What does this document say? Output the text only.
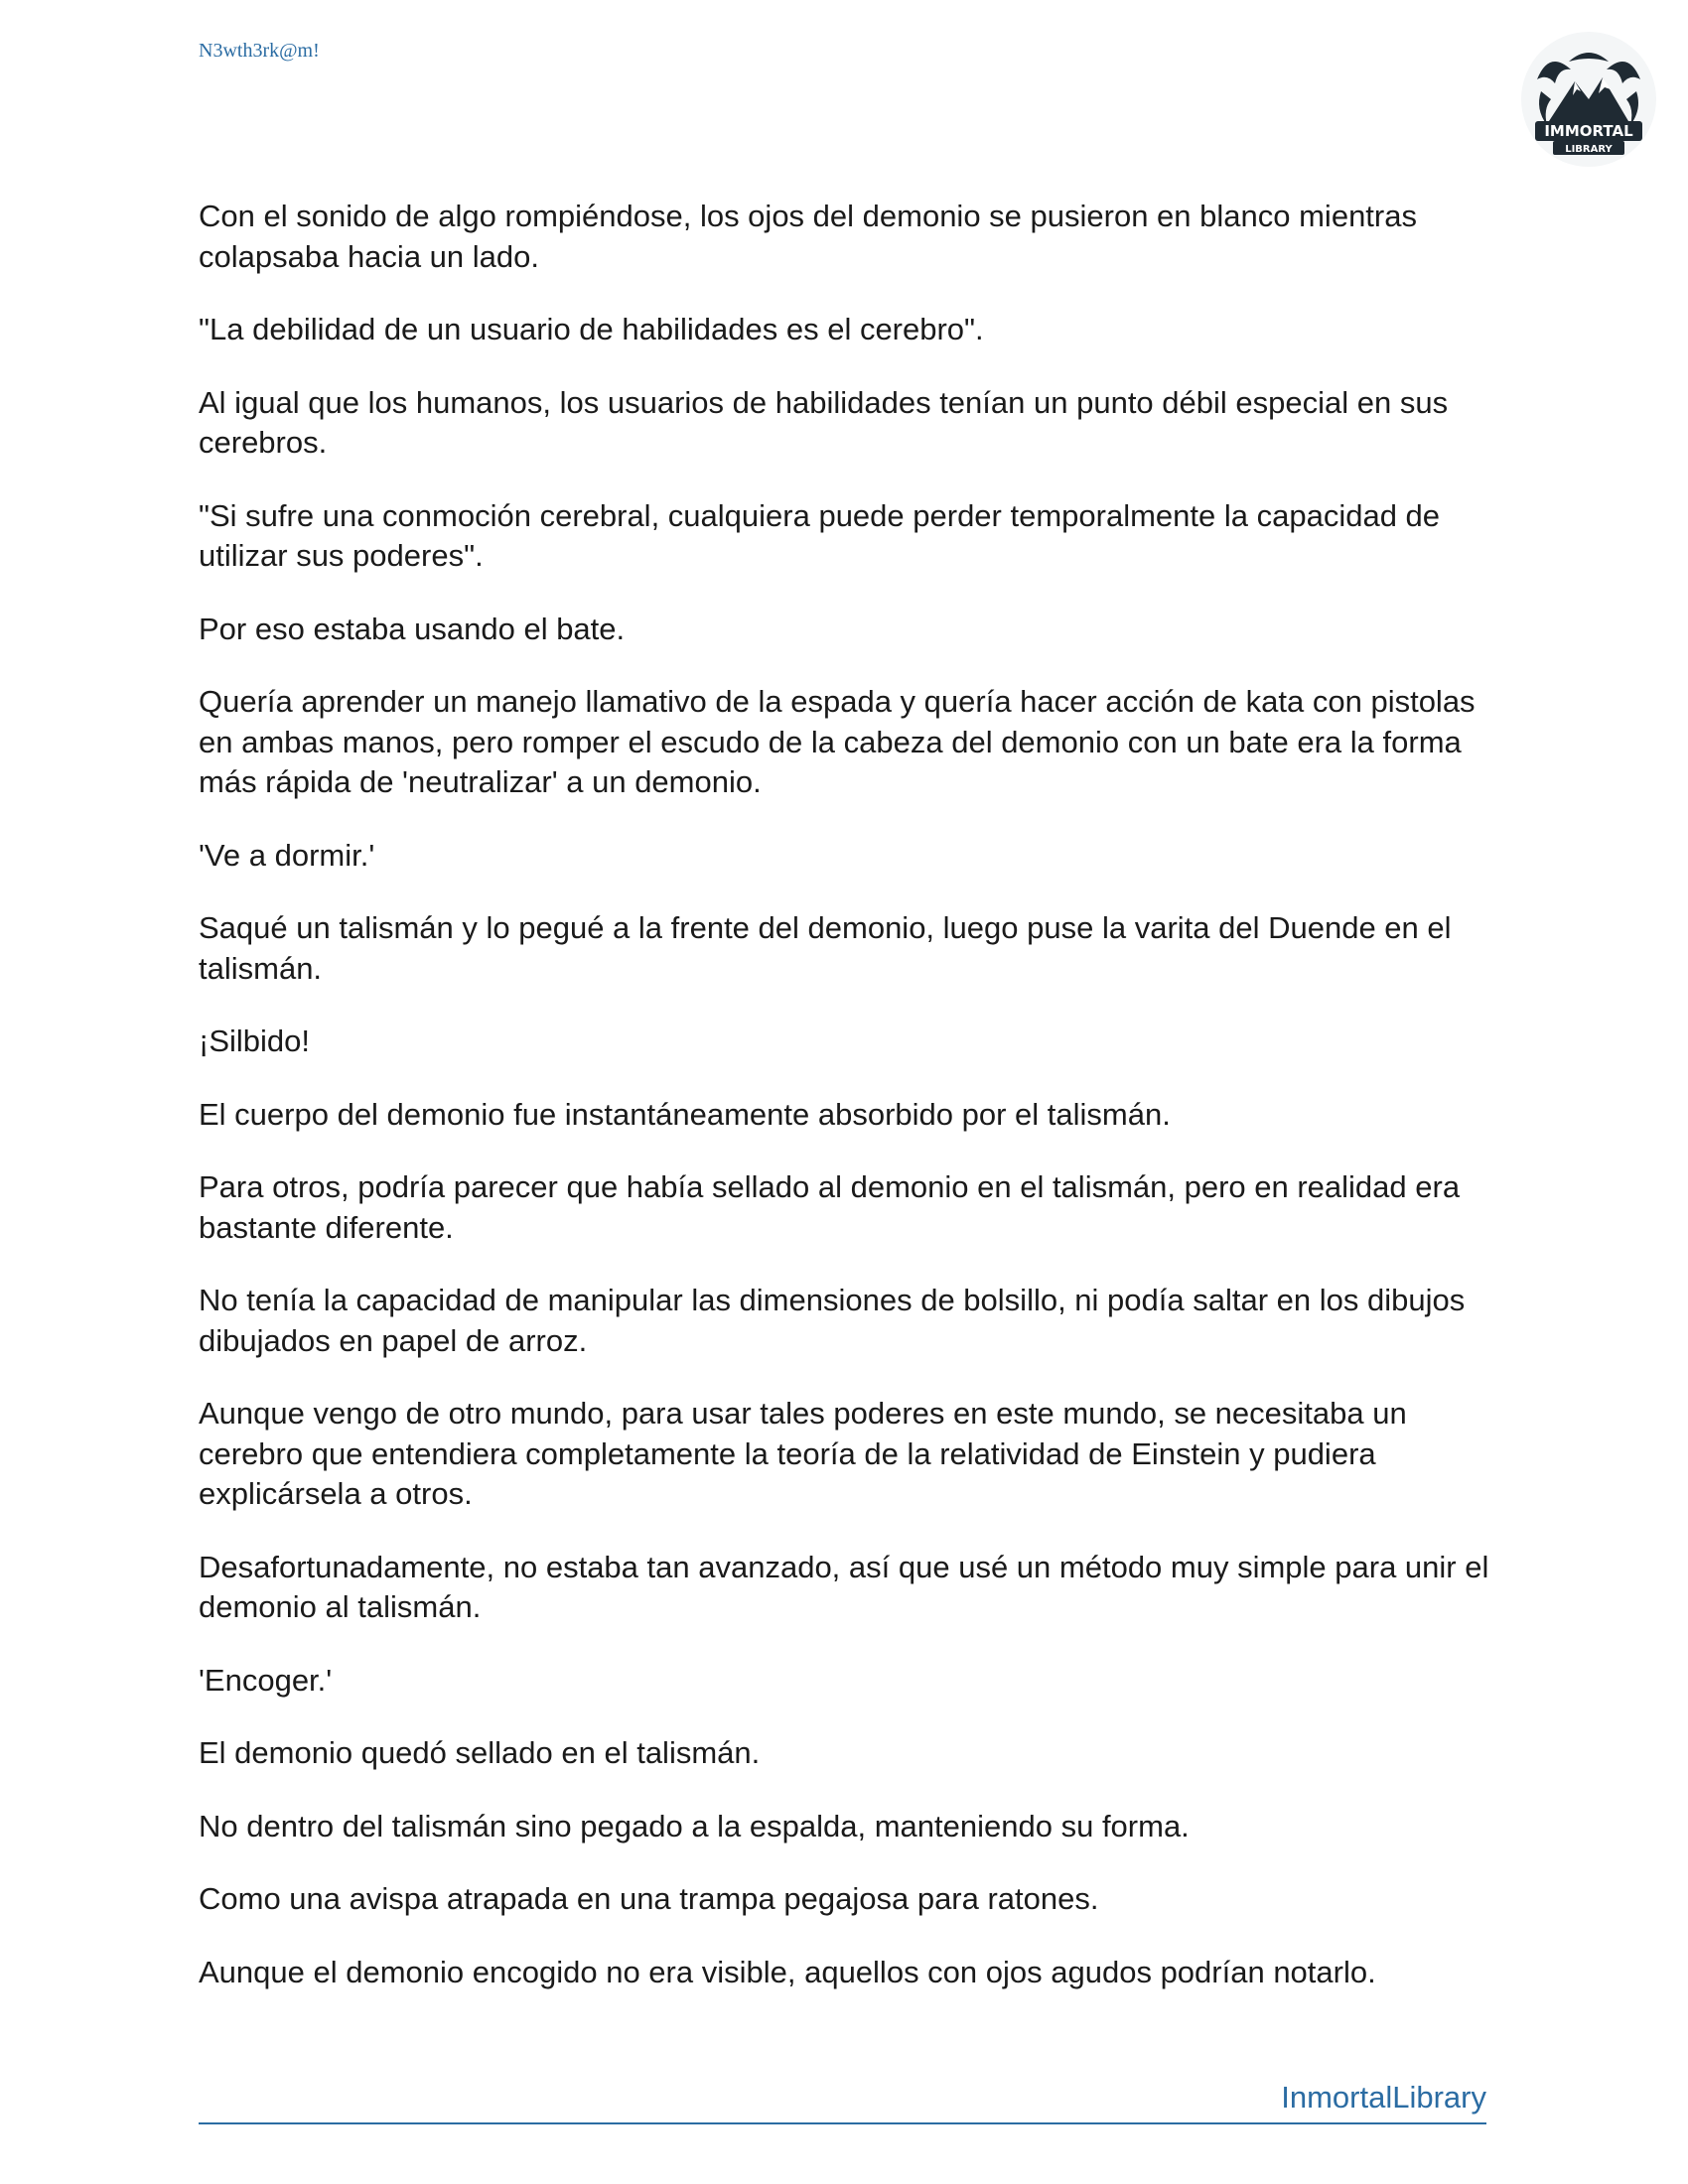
N3wth3rk@m!
IMMORTAL
LIBRARY

Con el sonido de algo rompiéndose, los ojos del demonio se pusieron en blanco mientras colapsaba hacia un lado.

"La debilidad de un usuario de habilidades es el cerebro".

Al igual que los humanos, los usuarios de habilidades tenían un punto débil especial en sus cerebros.

"Si sufre una conmoción cerebral, cualquiera puede perder temporalmente la capacidad de utilizar sus poderes".

Por eso estaba usando el bate.

Quería aprender un manejo llamativo de la espada y quería hacer acción de kata con pistolas en ambas manos, pero romper el escudo de la cabeza del demonio con un bate era la forma más rápida de 'neutralizar' a un demonio.

'Ve a dormir.'

Saqué un talismán y lo pegué a la frente del demonio, luego puse la varita del Duende en el talismán.

¡Silbido!

El cuerpo del demonio fue instantáneamente absorbido por el talismán.

Para otros, podría parecer que había sellado al demonio en el talismán, pero en realidad era bastante diferente.

No tenía la capacidad de manipular las dimensiones de bolsillo, ni podía saltar en los dibujos dibujados en papel de arroz.

Aunque vengo de otro mundo, para usar tales poderes en este mundo, se necesitaba un cerebro que entendiera completamente la teoría de la relatividad de Einstein y pudiera explicársela a otros.

Desafortunadamente, no estaba tan avanzado, así que usé un método muy simple para unir el demonio al talismán.

'Encoger.'

El demonio quedó sellado en el talismán.

No dentro del talismán sino pegado a la espalda, manteniendo su forma.

Como una avispa atrapada en una trampa pegajosa para ratones.

Aunque el demonio encogido no era visible, aquellos con ojos agudos podrían notarlo.

InmortalLibrary
